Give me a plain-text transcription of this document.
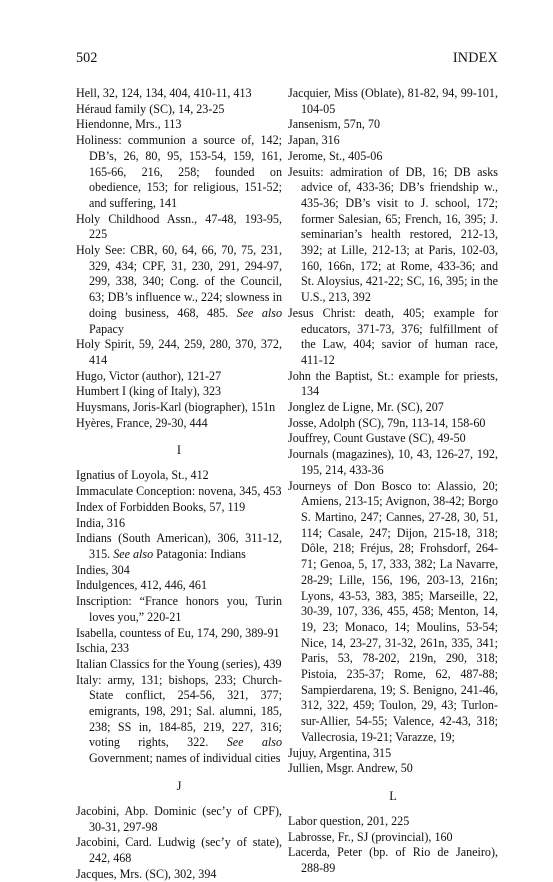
502	INDEX

Hell, 32, 124, 134, 404, 410-11, 413

Héraud family (SC), 14, 23-25

Hiendonne, Mrs., 113

Holiness: communion a source of, 142; DB’s, 26, 80, 95, 153-54, 159, 161, 165-66, 216, 258; founded on obedience, 153; for religious, 151-52; and suffering, 141

Holy Childhood Assn., 47-48, 193-95, 225

Holy See: CBR, 60, 64, 66, 70, 75, 231, 329, 434; CPF, 31, 230, 291, 294-97, 299, 338, 340; Cong. of the Council, 63; DB’s influence w., 224; slowness in doing business, 468, 485. See also Papacy

Holy Spirit, 59, 244, 259, 280, 370, 372, 414

Hugo, Victor (author), 121-27

Humbert I (king of Italy), 323

Huysmans, Joris-Karl (biographer), 151n

Hyères, France, 29-30, 444

I

Ignatius of Loyola, St., 412

Immaculate Conception: novena, 345, 453

Index of Forbidden Books, 57, 119

India, 316

Indians (South American), 306, 311-12, 315. See also Patagonia: Indians

Indies, 304

Indulgences, 412, 446, 461

Inscription: “France honors you, Turin loves you,” 220-21

Isabella, countess of Eu, 174, 290, 389-91

Ischia, 233

Italian Classics for the Young (series), 439

Italy: army, 131; bishops, 233; Church-State conflict, 254-56, 321, 377; emigrants, 198, 291; Sal. alumni, 185, 238; SS in, 184-85, 219, 227, 316; voting rights, 322. See also Government; names of individual cities

J

Jacobini, Abp. Dominic (sec’y of CPF), 30-31, 297-98

Jacobini, Card. Ludwig (sec’y of state), 242, 468

Jacques, Mrs. (SC), 302, 394

Jacquier, Miss (Oblate), 81-82, 94, 99-101, 104-05

Jansenism, 57n, 70

Japan, 316

Jerome, St., 405-06

Jesuits: admiration of DB, 16; DB asks advice of, 433-36; DB’s friendship w., 435-36; DB’s visit to J. school, 172; former Salesian, 65; French, 16, 395; J. seminarian’s health restored, 212-13, 392; at Lille, 212-13; at Paris, 102-03, 160, 166n, 172; at Rome, 433-36; and St. Aloysius, 421-22; SC, 16, 395; in the U.S., 213, 392

Jesus Christ: death, 405; example for educators, 371-73, 376; fulfillment of the Law, 404; savior of human race, 411-12

John the Baptist, St.: example for priests, 134

Jonglez de Ligne, Mr. (SC), 207

Josse, Adolph (SC), 79n, 113-14, 158-60

Jouffrey, Count Gustave (SC), 49-50

Journals (magazines), 10, 43, 126-27, 192, 195, 214, 433-36

Journeys of Don Bosco to: Alassio, 20; Amiens, 213-15; Avignon, 38-42; Borgo S. Martino, 247; Cannes, 27-28, 30, 51, 114; Casale, 247; Dijon, 215-18, 318; Dôle, 218; Fréjus, 28; Frohsdorf, 264-71; Genoa, 5, 17, 333, 382; La Navarre, 28-29; Lille, 156, 196, 203-13, 216n; Lyons, 43-53, 383, 385; Marseille, 22, 30-39, 107, 336, 455, 458; Menton, 14, 19, 23; Monaco, 14; Moulins, 53-54; Nice, 14, 23-27, 31-32, 261n, 335, 341; Paris, 53, 78-202, 219n, 290, 318; Pistoia, 235-37; Rome, 62, 487-88; Sampierdarena, 19; S. Benigno, 241-46, 312, 322, 459; Toulon, 29, 43; Turlon-sur-Allier, 54-55; Valence, 42-43, 318; Vallecrosia, 19-21; Varazze, 19;

Jujuy, Argentina, 315

Jullien, Msgr. Andrew, 50

L

Labor question, 201, 225

Labrosse, Fr., SJ (provincial), 160

Lacerda, Peter (bp. of Rio de Janeiro), 288-89
